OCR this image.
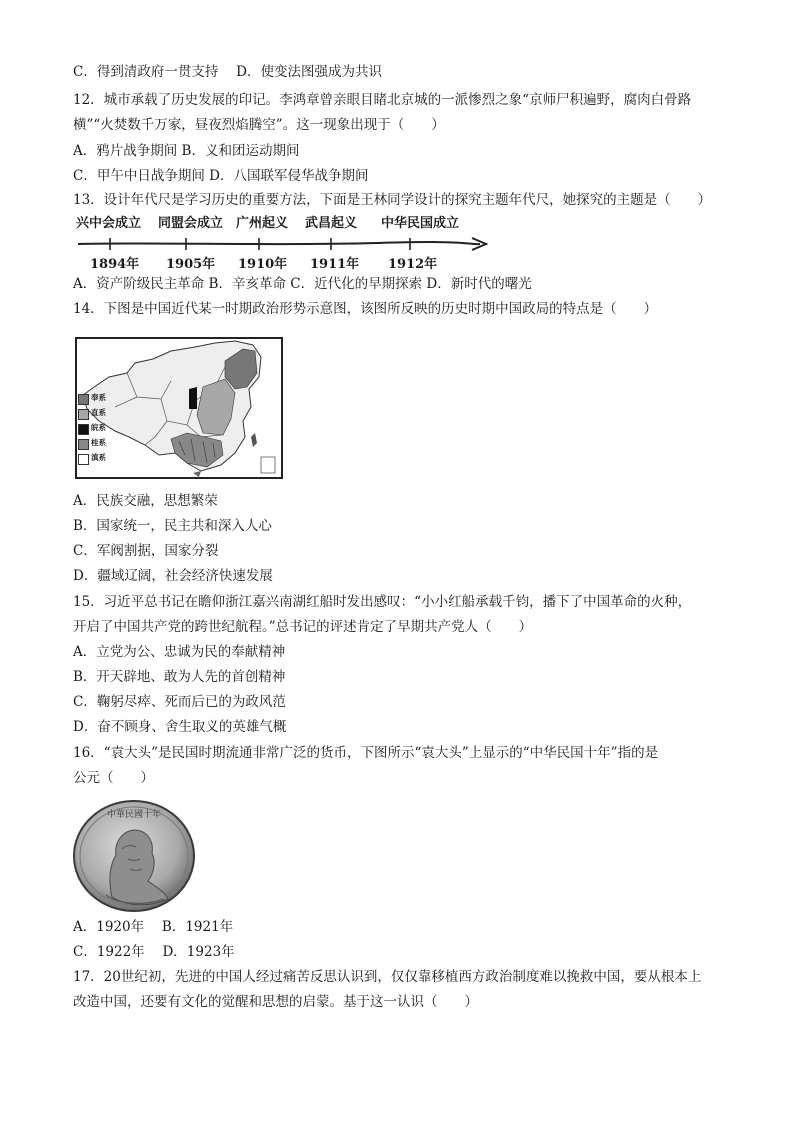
C．得到清政府一贯支持　 D．使变法图强成为共识
12．城市承载了历史发展的印记。李鸿章曾亲眼目睹北京城的一派惨烈之象“京师尸积遍野，腐肉白骨路
横”“火焚数千万家，昼夜烈焰腾空”。这一现象出现于（　　）
A．鸦片战争期间 B．义和团运动期间
C．甲午中日战争期间 D．八国联军侵华战争期间
13．设计年代尺是学习历史的重要方法，下面是王林同学设计的探究主题年代尺，她探究的主题是（　　）
兴中会成立 同盟会成立 广州起义 武昌起义 中华民国成立
1894年 1905年 1910年 1911年 1912年
A．资产阶级民主革命 B．辛亥革命 C．近代化的早期探索 D．新时代的曙光
14．下图是中国近代某一时期政治形势示意图，该图所反映的历史时期中国政局的特点是（　　）
奉系
直系
皖系
桂系
滇系
A．民族交融，思想繁荣
B．国家统一，民主共和深入人心
C．军阀割据，国家分裂
D．疆域辽阔，社会经济快速发展
15．习近平总书记在瞻仰浙江嘉兴南湖红船时发出感叹：“小小红船承载千钧，播下了中国革命的火种，
开启了中国共产党的跨世纪航程。”总书记的评述肯定了早期共产党人（　　）
A．立党为公、忠诚为民的奉献精神
B．开天辟地、敢为人先的首创精神
C．鞠躬尽瘁、死而后已的为政风范
D．奋不顾身、舍生取义的英雄气概
16．“袁大头”是民国时期流通非常广泛的货币，下图所示“袁大头”上显示的“中华民国十年”指的是
公元（　　）
中華民國十年
A．1920年　 B．1921年
C．1922年　 D．1923年
17．20世纪初，先进的中国人经过痛苦反思认识到，仅仅靠移植西方政治制度难以挽救中国，要从根本上
改造中国，还要有文化的觉醒和思想的启蒙。基于这一认识（　　）
